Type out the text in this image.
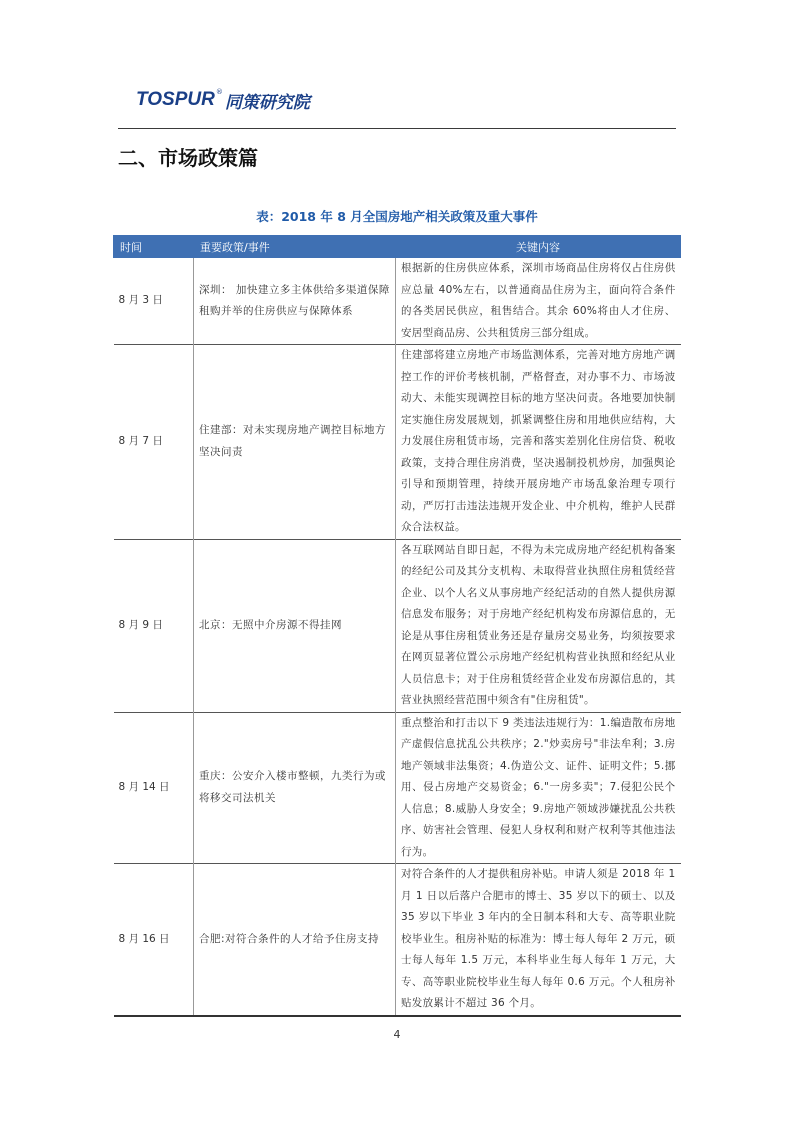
TOSPUR ®
同策研究院
二、市场政策篇
表：2018 年 8 月全国房地产相关政策及重大事件
时间	重要政策/事件	关键内容
8 月 3 日	深圳： 加快建立多主体供给多渠道保障租购并举的住房供应与保障体系	根据新的住房供应体系，深圳市场商品住房将仅占住房供应总量 40%左右，以普通商品住房为主，面向符合条件的各类居民供应，租售结合。其余 60%将由人才住房、安居型商品房、公共租赁房三部分组成。
8 月 7 日	住建部：对未实现房地产调控目标地方坚决问责	住建部将建立房地产市场监测体系，完善对地方房地产调控工作的评价考核机制，严格督查，对办事不力、市场波动大、未能实现调控目标的地方坚决问责。各地要加快制定实施住房发展规划，抓紧调整住房和用地供应结构，大力发展住房租赁市场，完善和落实差别化住房信贷、税收政策，支持合理住房消费，坚决遏制投机炒房，加强舆论引导和预期管理，持续开展房地产市场乱象治理专项行动，严厉打击违法违规开发企业、中介机构，维护人民群众合法权益。
8 月 9 日	北京：无照中介房源不得挂网	各互联网站自即日起，不得为未完成房地产经纪机构备案的经纪公司及其分支机构、未取得营业执照住房租赁经营企业、以个人名义从事房地产经纪活动的自然人提供房源信息发布服务；对于房地产经纪机构发布房源信息的，无论是从事住房租赁业务还是存量房交易业务，均须按要求在网页显著位置公示房地产经纪机构营业执照和经纪从业人员信息卡；对于住房租赁经营企业发布房源信息的，其营业执照经营范围中须含有"住房租赁"。
8 月 14 日	重庆：公安介入楼市整顿，九类行为或将移交司法机关	重点整治和打击以下 9 类违法违规行为：1.编造散布房地产虚假信息扰乱公共秩序；2."炒卖房号"非法牟利；3.房地产领域非法集资；4.伪造公文、证件、证明文件；5.挪用、侵占房地产交易资金；6."一房多卖"；7.侵犯公民个人信息；8.威胁人身安全；9.房地产领域涉嫌扰乱公共秩序、妨害社会管理、侵犯人身权利和财产权利等其他违法行为。
8 月 16 日	合肥:对符合条件的人才给予住房支持	对符合条件的人才提供租房补贴。申请人须是 2018 年 1 月 1 日以后落户合肥市的博士、35 岁以下的硕士、以及 35 岁以下毕业 3 年内的全日制本科和大专、高等职业院校毕业生。租房补贴的标准为：博士每人每年 2 万元，硕士每人每年 1.5 万元，本科毕业生每人每年 1 万元，大专、高等职业院校毕业生每人每年 0.6 万元。个人租房补贴发放累计不超过 36 个月。
4
